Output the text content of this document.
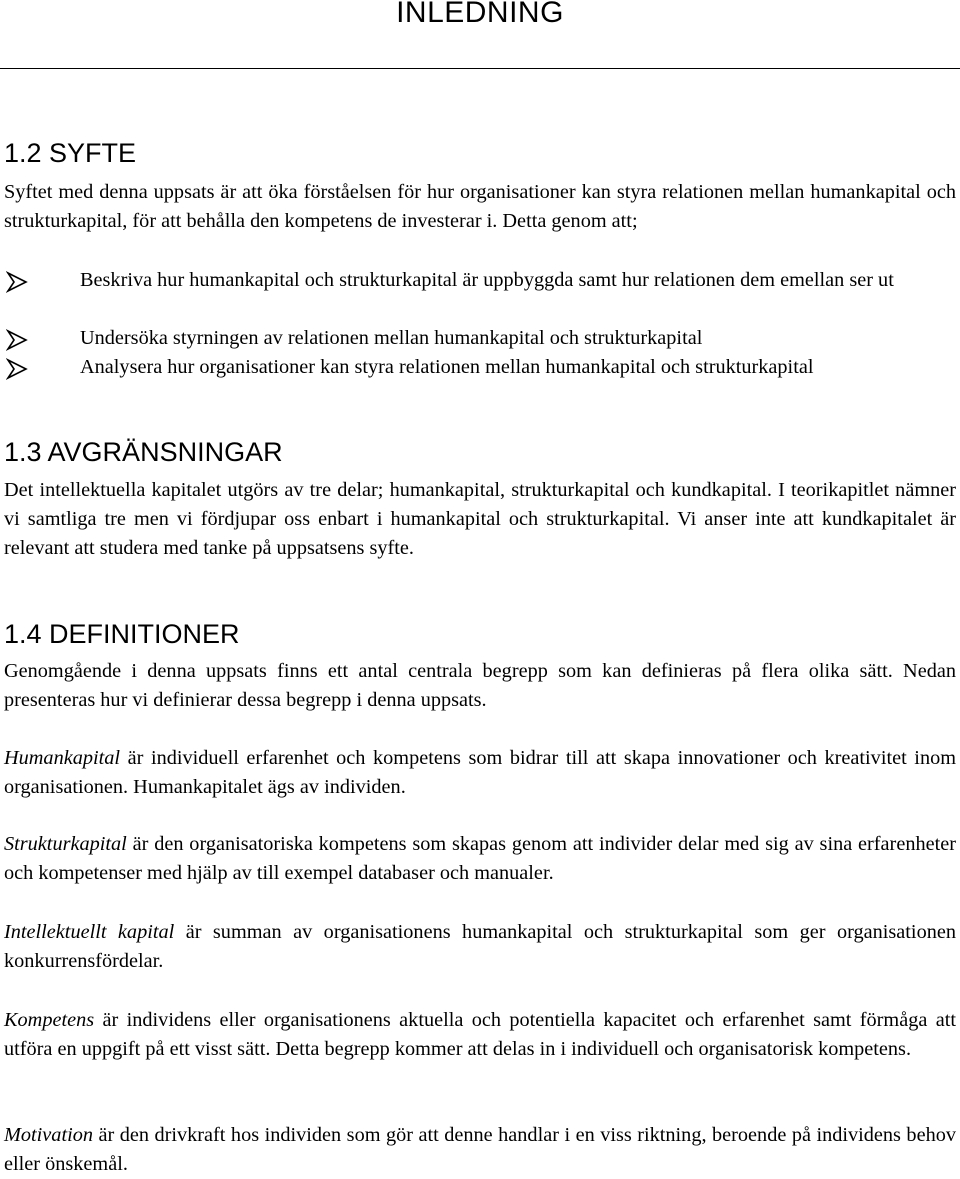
INLEDNING
1.2 SYFTE

Syftet med denna uppsats är att öka förståelsen för hur organisationer kan styra relationen mellan humankapital och strukturkapital, för att behålla den kompetens de investerar i. Detta genom att;

Beskriva hur humankapital och strukturkapital är uppbyggda samt hur relationen dem emellan ser ut
Undersöka styrningen av relationen mellan humankapital och strukturkapital
Analysera hur organisationer kan styra relationen mellan humankapital och strukturkapital
1.3 AVGRÄNSNINGAR

Det intellektuella kapitalet utgörs av tre delar; humankapital, strukturkapital och kundkapital. I teorikapitlet nämner vi samtliga tre men vi fördjupar oss enbart i humankapital och strukturkapital. Vi anser inte att kundkapitalet är relevant att studera med tanke på uppsatsens syfte.

1.4 DEFINITIONER

Genomgående i denna uppsats finns ett antal centrala begrepp som kan definieras på flera olika sätt. Nedan presenteras hur vi definierar dessa begrepp i denna uppsats.

Humankapital är individuell erfarenhet och kompetens som bidrar till att skapa innovationer och kreativitet inom organisationen. Humankapitalet ägs av individen.

Strukturkapital är den organisatoriska kompetens som skapas genom att individer delar med sig av sina erfarenheter och kompetenser med hjälp av till exempel databaser och manualer.

Intellektuellt kapital är summan av organisationens humankapital och strukturkapital som ger organisationen konkurrensfördelar.

Kompetens är individens eller organisationens aktuella och potentiella kapacitet och erfarenhet samt förmåga att utföra en uppgift på ett visst sätt. Detta begrepp kommer att delas in i individuell och organisatorisk kompetens.

Motivation är den drivkraft hos individen som gör att denne handlar i en viss riktning, beroende på individens behov eller önskemål.
